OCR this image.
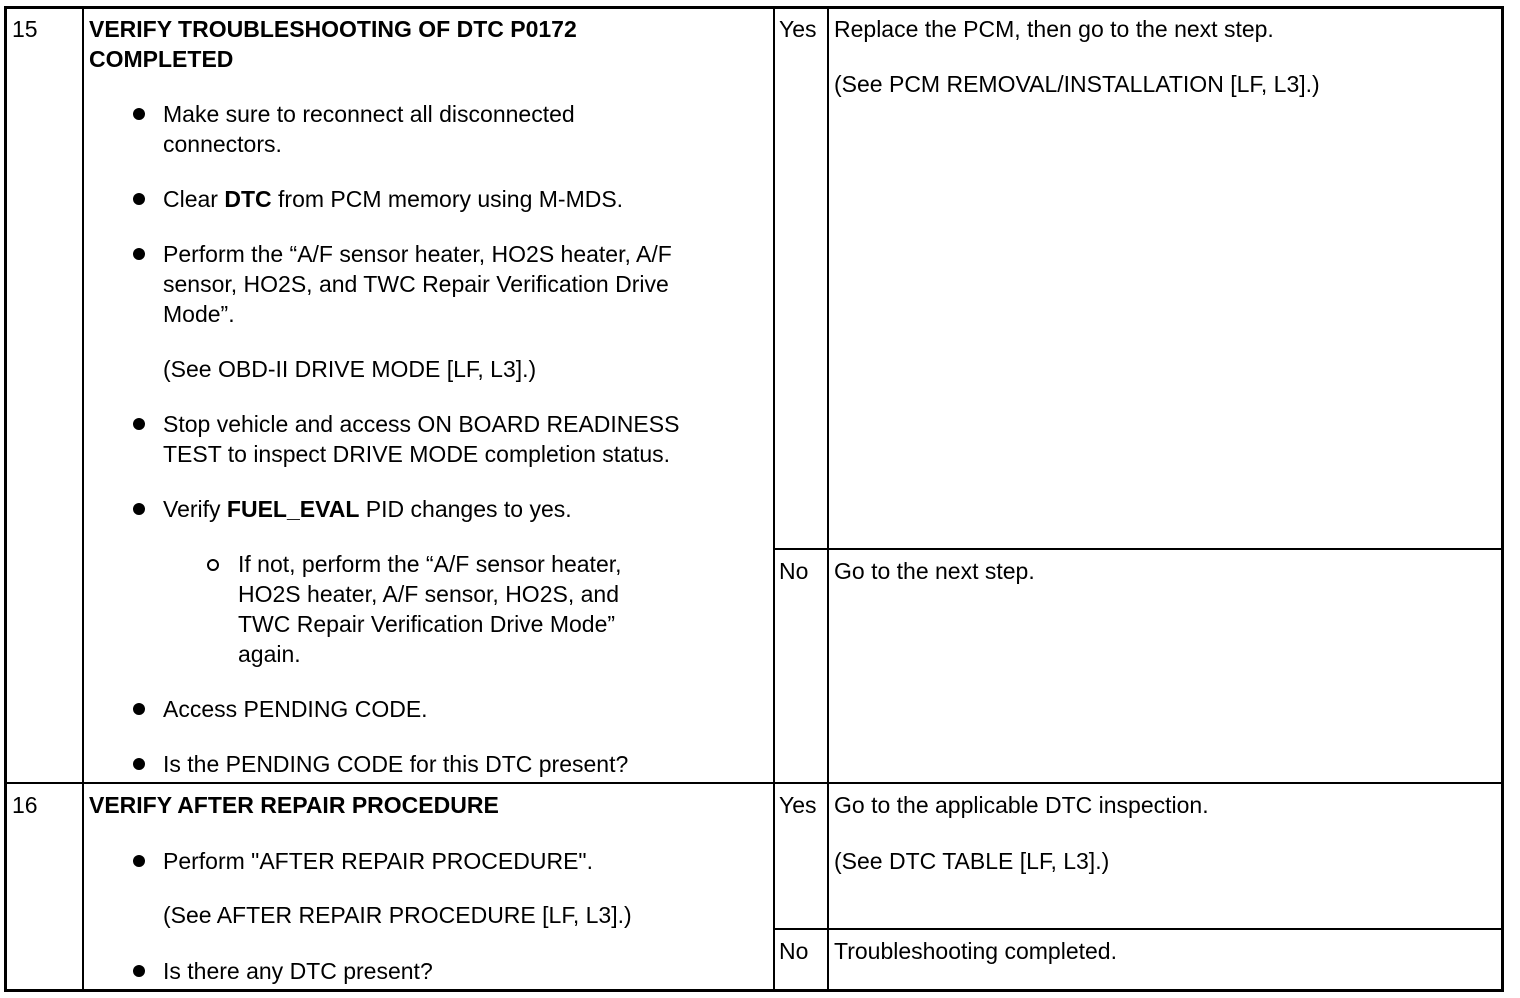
15 VERIFY TROUBLESHOOTING OF DTC P0172
COMPLETED
Make sure to reconnect all disconnected
connectors.
Clear DTC from PCM memory using M-MDS.
Perform the “A/F sensor heater, HO2S heater, A/F
sensor, HO2S, and TWC Repair Verification Drive
Mode”.
(See OBD-II DRIVE MODE [LF, L3].)
Stop vehicle and access ON BOARD READINESS
TEST to inspect DRIVE MODE completion status.
Verify FUEL_EVAL PID changes to yes.
If not, perform the “A/F sensor heater,
HO2S heater, A/F sensor, HO2S, and
TWC Repair Verification Drive Mode”
again.
Access PENDING CODE.
Is the PENDING CODE for this DTC present?
Yes Replace the PCM, then go to the next step.
(See PCM REMOVAL/INSTALLATION [LF, L3].)
No Go to the next step.
16 VERIFY AFTER REPAIR PROCEDURE
Perform "AFTER REPAIR PROCEDURE".
(See AFTER REPAIR PROCEDURE [LF, L3].)
Is there any DTC present?
Yes Go to the applicable DTC inspection.
(See DTC TABLE [LF, L3].)
No Troubleshooting completed.
